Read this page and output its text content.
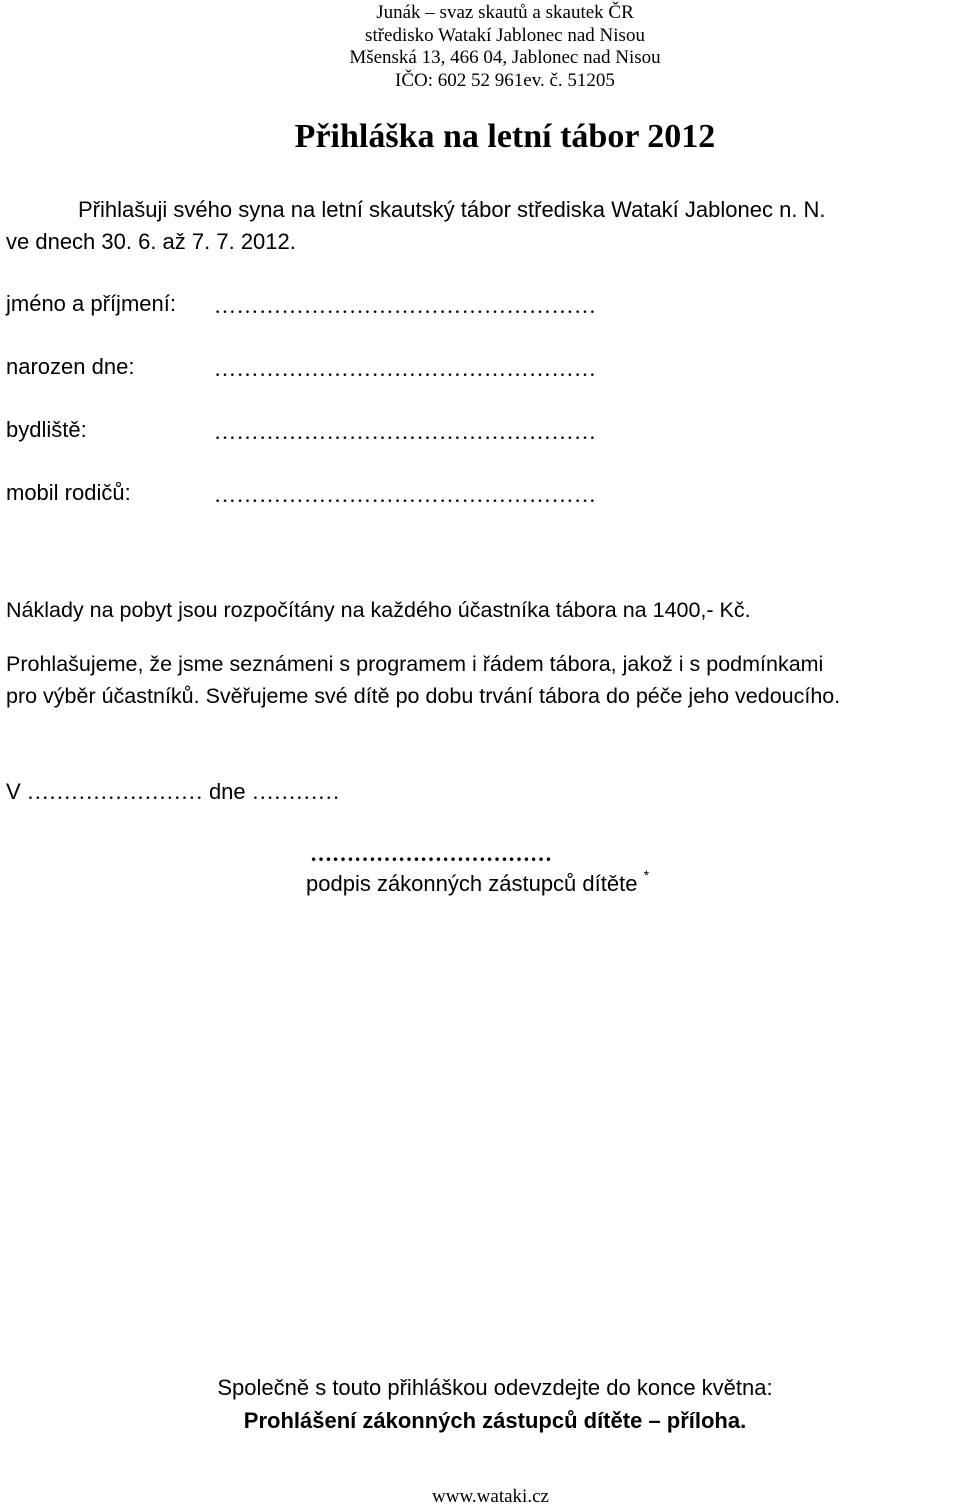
Junák – svaz skautů a skautek ČR
středisko Watakí Jablonec nad Nisou
Mšenská 13, 466 04, Jablonec nad Nisou
IČO: 602 52 961ev. č. 51205
Přihláška na letní tábor 2012
Přihlašuji svého syna na letní skautský tábor střediska Watakí Jablonec n. N.
ve dnech 30. 6. až 7. 7. 2012.
jméno a příjmení: ……………………………………………
narozen dne:	……………………………………………
bydliště:	……………………………………………
mobil rodičů:	……………………………………………
Náklady na pobyt jsou rozpočítány na každého účastníka tábora na 1400,- Kč.
Prohlašujeme, že jsme seznámeni s programem i řádem tábora, jakož i s podmínkami
pro výběr účastníků. Svěřujeme své dítě po dobu trvání tábora do péče jeho vedoucího.
V …………………… dne …………
……………………………
podpis zákonných zástupců dítěte *
Společně s touto přihláškou odevzdejte do konce května:
Prohlášení zákonných zástupců dítěte – příloha.
www.wataki.cz
